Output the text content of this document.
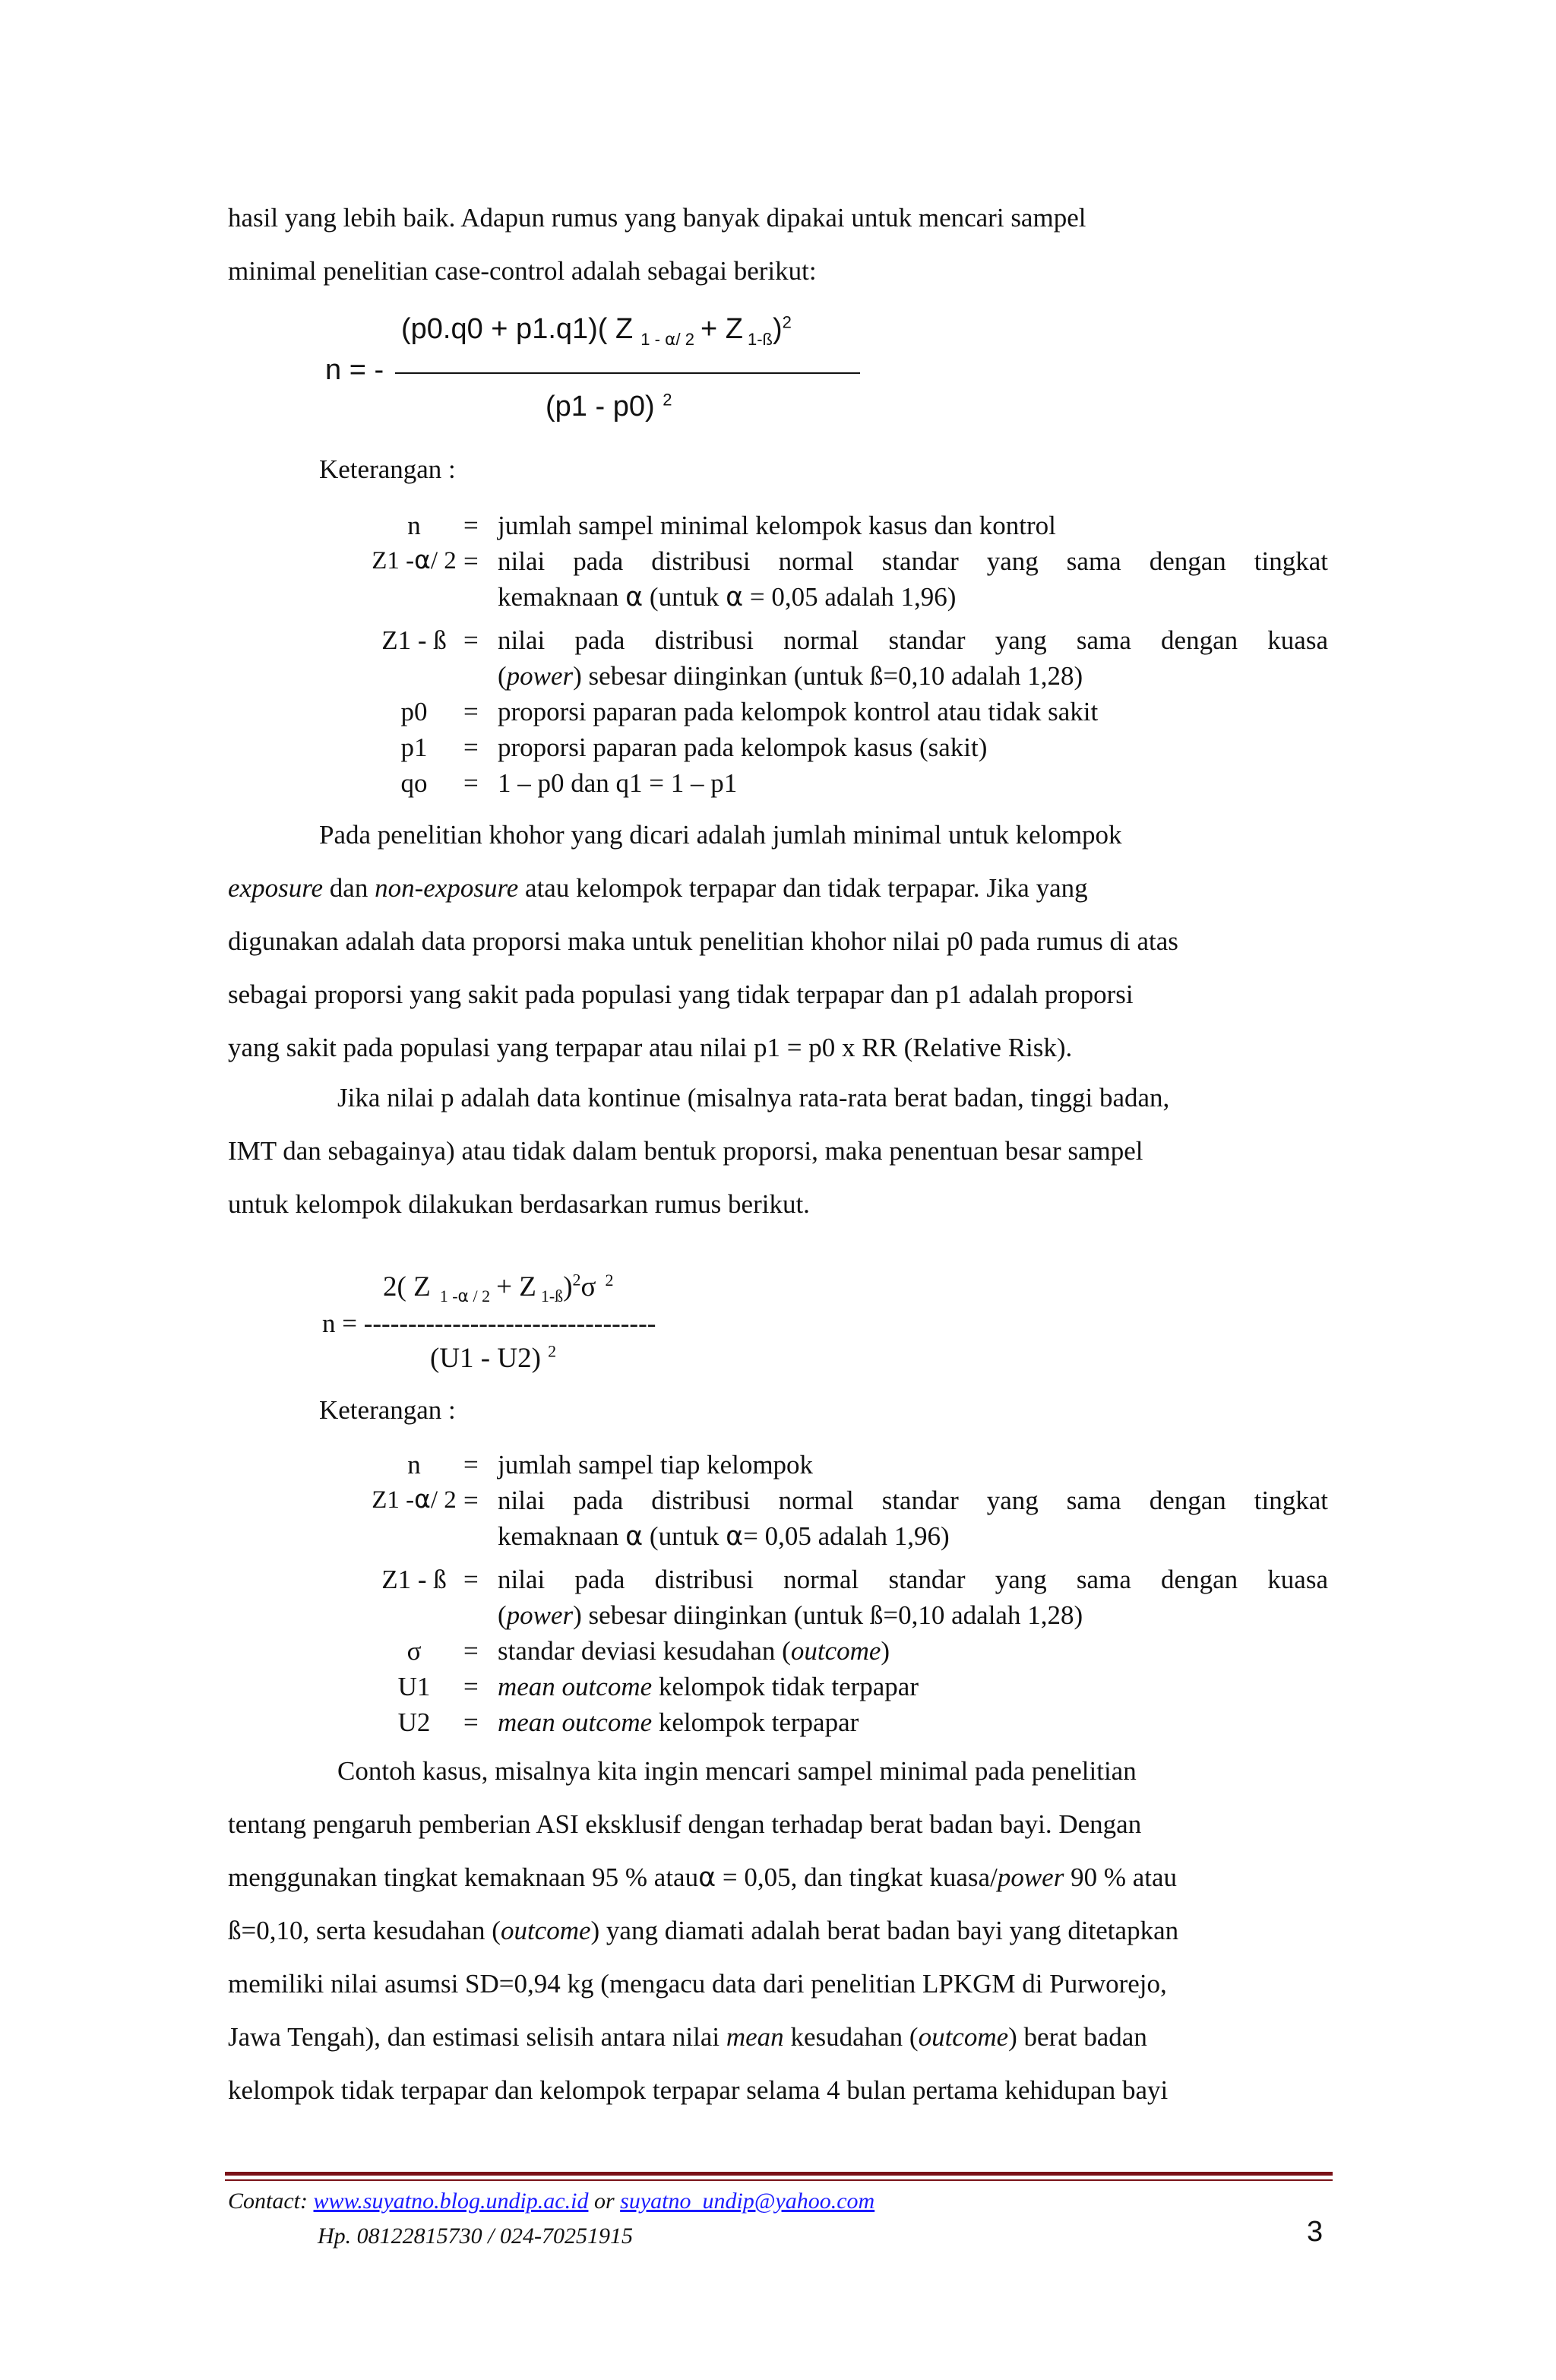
hasil yang lebih baik. Adapun rumus yang banyak dipakai untuk mencari sampel
minimal penelitian case-control adalah sebagai berikut:

(p0.q0 + p1.q1)( Z $_{1 - ⍺/ 2}$ + Z $_{1-ß}$)$^2$
n = -
(p1 - p0) $^2$
Keterangan :
n	= jumlah sampel minimal kelompok kasus dan kontrol
Z1 -⍺/ 2 = nilai pada distribusi normal standar yang sama dengan tingkat
kemaknaan ⍺ (untuk ⍺ = 0,05 adalah 1,96)
Z1 - ß = nilai pada distribusi normal standar yang sama dengan kuasa
(power) sebesar diinginkan (untuk ß=0,10 adalah 1,28)
p0	= proporsi paparan pada kelompok kontrol atau tidak sakit
p1	= proporsi paparan pada kelompok kasus (sakit)
qo	= 1 – p0 dan q1 = 1 – p1

Pada penelitian khohor yang dicari adalah jumlah minimal untuk kelompok
exposure dan non-exposure atau kelompok terpapar dan tidak terpapar. Jika yang
digunakan adalah data proporsi maka untuk penelitian khohor nilai p0 pada rumus di atas
sebagai proporsi yang sakit pada populasi yang tidak terpapar dan p1 adalah proporsi
yang sakit pada populasi yang terpapar atau nilai p1 = p0 x RR (Relative Risk).

Jika nilai p adalah data kontinue (misalnya rata-rata berat badan, tinggi badan,
IMT dan sebagainya) atau tidak dalam bentuk proporsi, maka penentuan besar sampel
untuk kelompok dilakukan berdasarkan rumus berikut.

2( Z $_{1 -⍺ / 2}$ + Z $_{1-ß}$)$^2$σ $^2$
n = ---------------------------------
(U1 - U2) $^2$
Keterangan :
n	= jumlah sampel tiap kelompok
Z1 -⍺/ 2 = nilai pada distribusi normal standar yang sama dengan tingkat
kemaknaan ⍺ (untuk ⍺= 0,05 adalah 1,96)
Z1 - ß = nilai pada distribusi normal standar yang sama dengan kuasa
(power) sebesar diinginkan (untuk ß=0,10 adalah 1,28)
σ	= standar deviasi kesudahan (outcome)
U1	= mean outcome kelompok tidak terpapar
U2	= mean outcome kelompok terpapar

Contoh kasus, misalnya kita ingin mencari sampel minimal pada penelitian
tentang pengaruh pemberian ASI eksklusif dengan terhadap berat badan bayi. Dengan
menggunakan tingkat kemaknaan 95 % atau⍺ = 0,05, dan tingkat kuasa/power 90 % atau
ß=0,10, serta kesudahan (outcome) yang diamati adalah berat badan bayi yang ditetapkan
memiliki nilai asumsi SD=0,94 kg (mengacu data dari penelitian LPKGM di Purworejo,
Jawa Tengah), dan estimasi selisih antara nilai mean kesudahan (outcome) berat badan
kelompok tidak terpapar dan kelompok terpapar selama 4 bulan pertama kehidupan bayi

Contact: www.suyatno.blog.undip.ac.id or suyatno_undip@yahoo.com
Hp. 08122815730 / 024-70251915	3
